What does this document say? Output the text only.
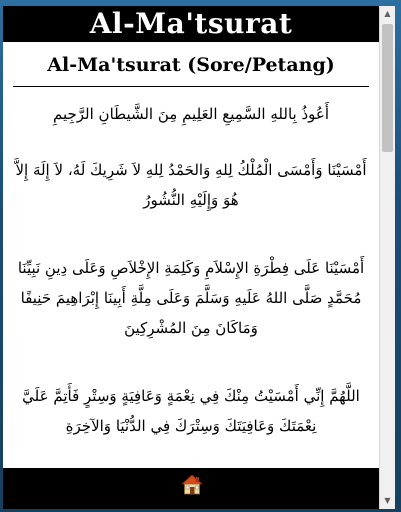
Al-Ma'tsurat
Al-Ma'tsurat (Sore/Petang)

أَعُوذُ بِاللهِ السَّمِيعِ العَلِيمِ مِنَ الشَّيطَانِ الرَّجِيمِ

أَمْسَيْنَا وَأَمْسَى الْمُلْكُ لِلهِ وَالحَمْدُ لِلهِ لاَ شَرِيكَ لَهُ، لاَ إِلَهَ إِلاَّ هُوَ وَإِلَيْهِ النُّشُورُ

أَمْسَيْنَا عَلَى فِطْرَةِ الإِسْلاَمِ وَكَلِمَةِ الإِخْلاَصِ وَعَلَى دِينِ نَبِيِّنَا مُحَمَّدٍ صَلَّى اللهُ عَلَيهِ وَسَلَّمَ وَعَلَى مِلَّةِ أَبِينَا إِبْرَاهِيمَ حَنِيفًا وَمَاكَانَ مِنَ المُشْرِكِينَ

اللَّهُمَّ إِنِّي أَمْسَيْتُ مِنْكَ فِي نِعْمَةٍ وَعَافِيَةٍ وَسِتْرٍ فَأَتِمَّ عَلَيَّ نِعْمَتَكَ وَعَافِيَتَكَ وَسِتْرَكَ فِي الدُّنْيَا وَالآخِرَةِ

▲
▼
